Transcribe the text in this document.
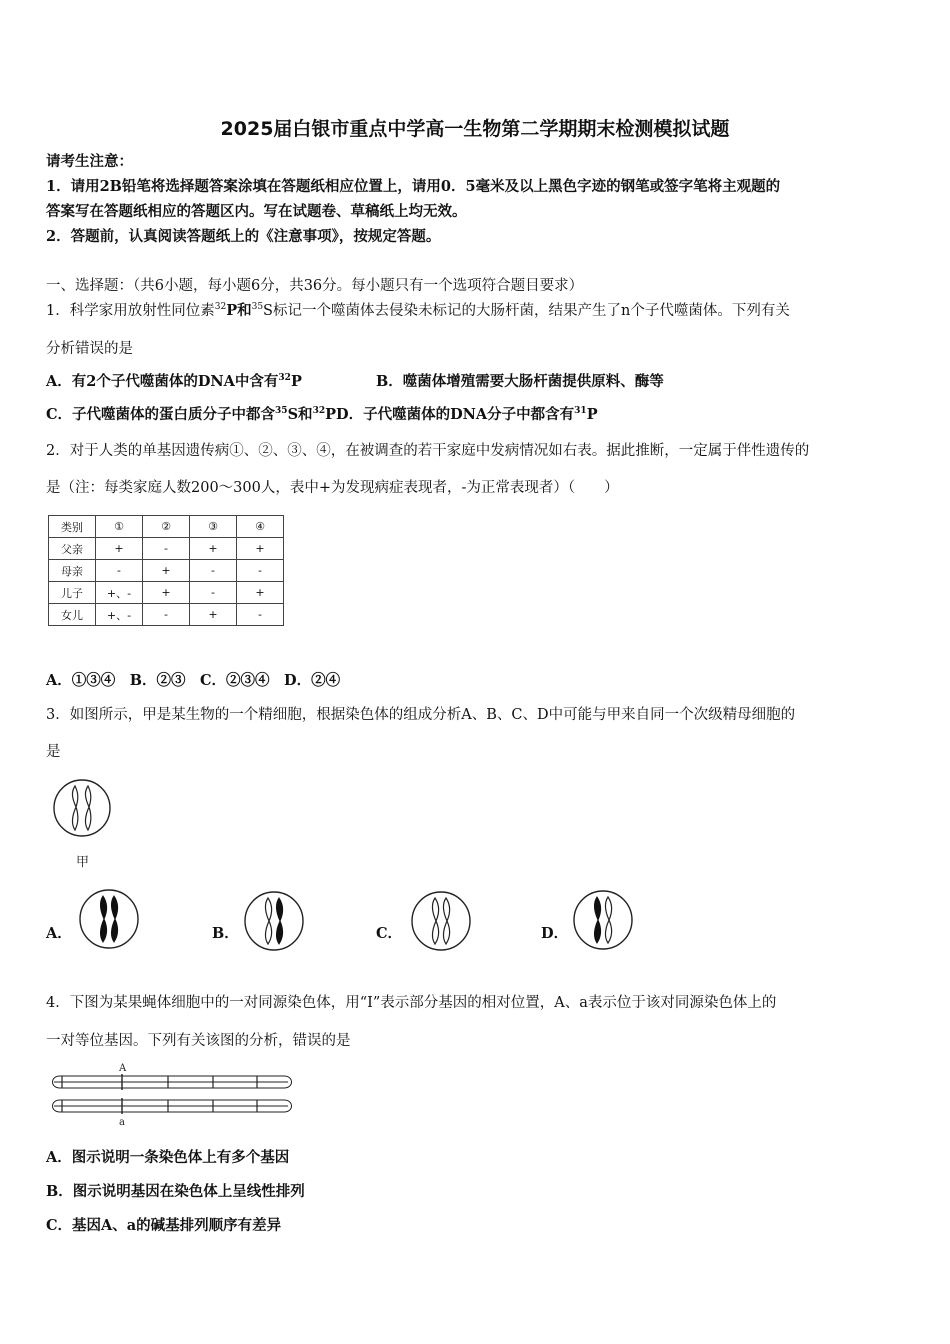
2025届白银市重点中学高一生物第二学期期末检测模拟试题
请考生注意：
1．请用2B铅笔将选择题答案涂填在答题纸相应位置上，请用0．5毫米及以上黑色字迹的钢笔或签字笔将主观题的
答案写在答题纸相应的答题区内。写在试题卷、草稿纸上均无效。
2．答题前，认真阅读答题纸上的《注意事项》，按规定答题。
一、选择题：（共6小题，每小题6分，共36分。每小题只有一个选项符合题目要求）
1．科学家用放射性同位素$^{32}$P和$^{35}$S标记一个噬菌体去侵染未标记的大肠杆菌，结果产生了n个子代噬菌体。下列有关
分析错误的是
A．有2个子代噬菌体的DNA中含有$^{32}$P	B．噬菌体增殖需要大肠杆菌提供原料、酶等
C．子代噬菌体的蛋白质分子中都含$^{35}$S和$^{32}$PD．子代噬菌体的DNA分子中都含有$^{31}$P
2．对于人类的单基因遗传病①、②、③、④，在被调查的若干家庭中发病情况如右表。据此推断，一定属于伴性遗传的
是（注：每类家庭人数200～300人，表中+为发现病症表现者，-为正常表现者）（　　）
类别	①	②	③	④
父亲	+	-	+	+
母亲	-	+	-	-
儿子	+、-	+	-	+
女儿	+、-	-	+	-
A．①③④　B．②③　C．②③④　D．②④
3．如图所示，甲是某生物的一个精细胞，根据染色体的组成分析A、B、C、D中可能与甲来自同一个次级精母细胞的
是
甲
A．	B．	C．	D．
4．下图为某果蝇体细胞中的一对同源染色体，用“Ⅰ”表示部分基因的相对位置，A、a表示位于该对同源染色体上的
一对等位基因。下列有关该图的分析，错误的是
A
a
A．图示说明一条染色体上有多个基因
B．图示说明基因在染色体上呈线性排列
C．基因A、a的碱基排列顺序有差异
